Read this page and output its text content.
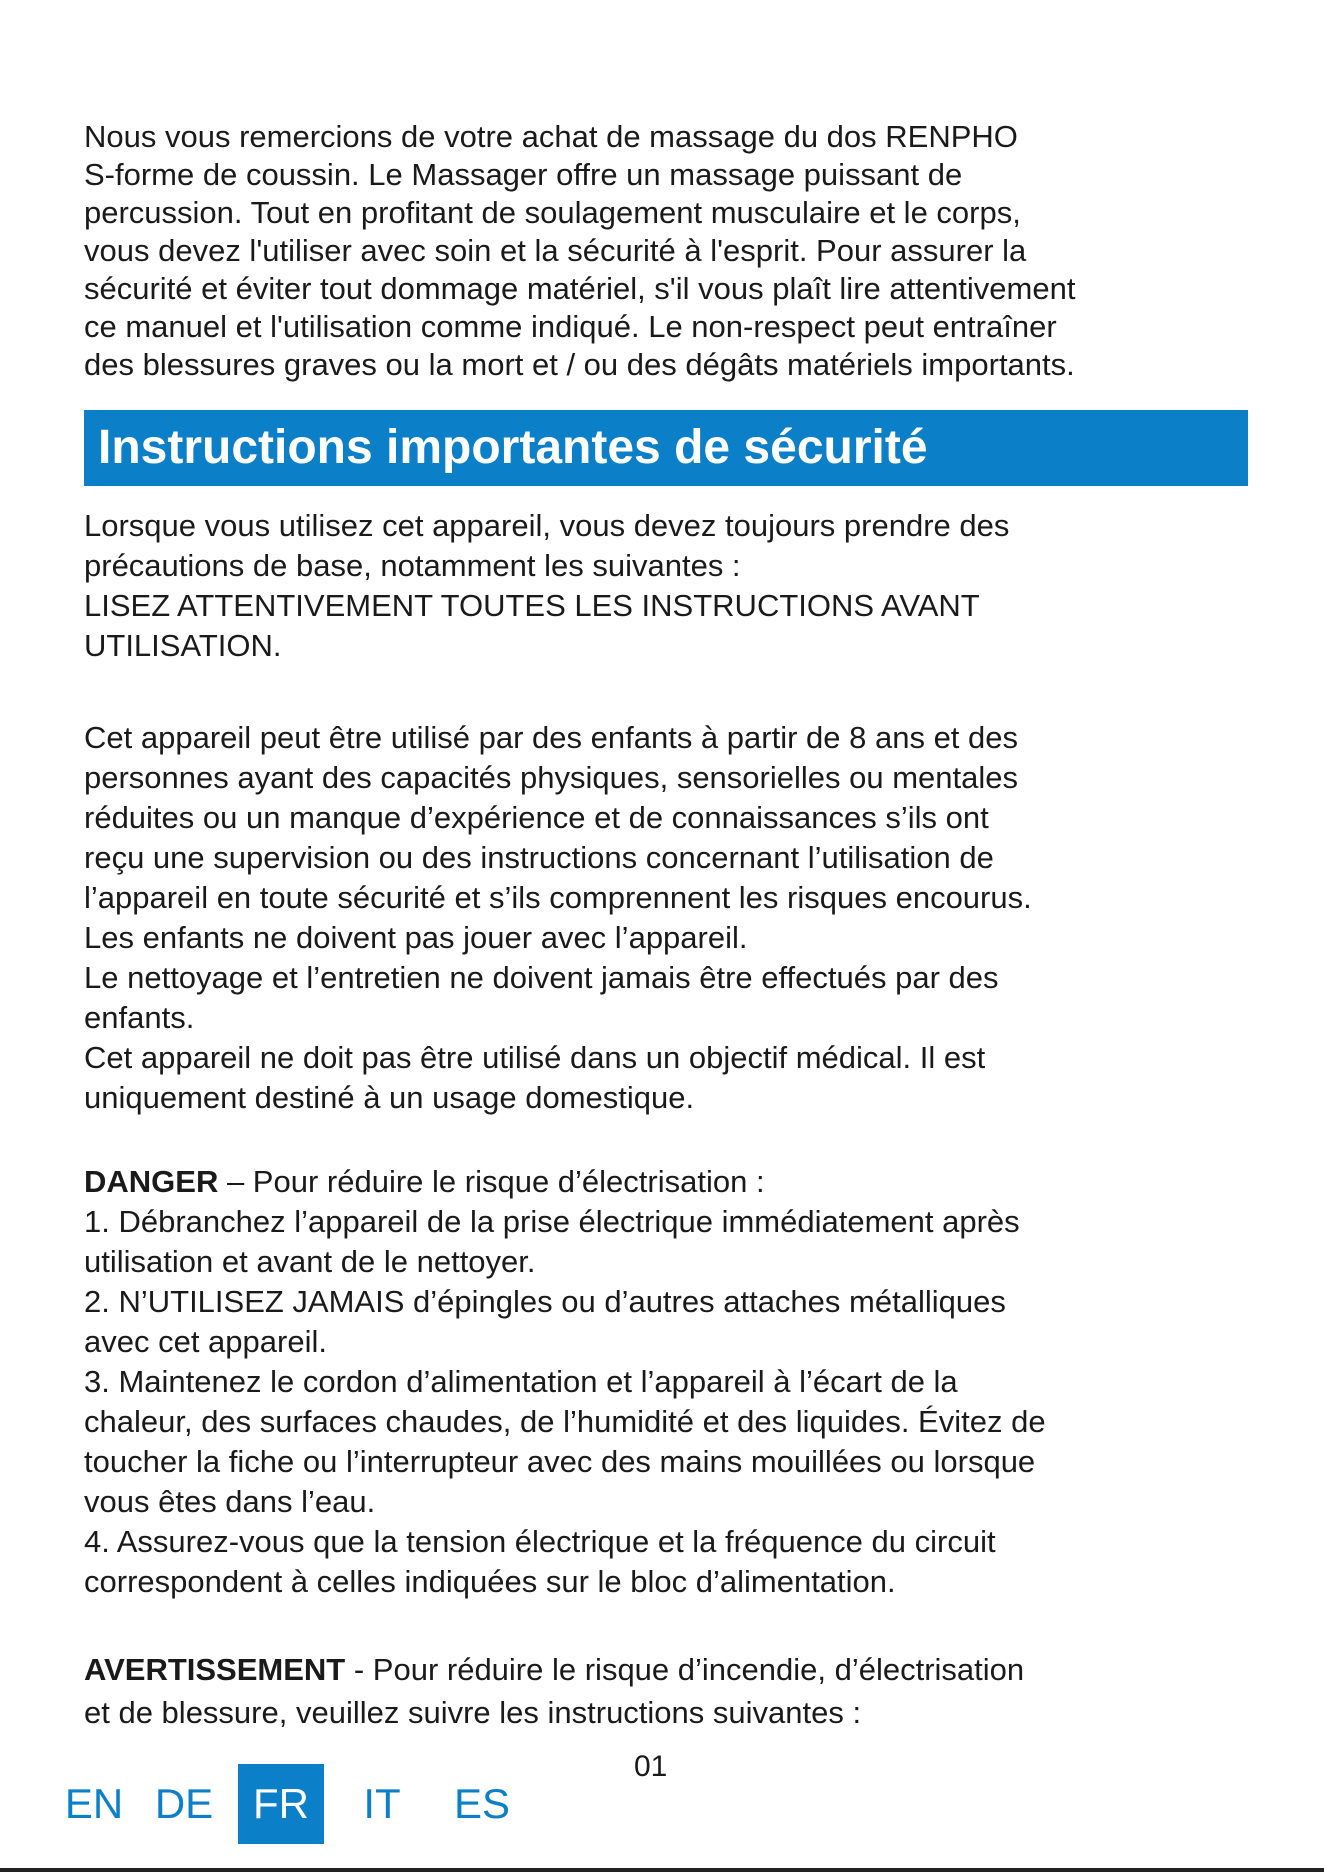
Nous vous remercions de votre achat de massage du dos RENPHO

S-forme de coussin. Le Massager offre un massage puissant de

percussion. Tout en profitant de soulagement musculaire et le corps,

vous devez l'utiliser avec soin et la sécurité à l'esprit. Pour assurer la

sécurité et éviter tout dommage matériel, s'il vous plaît lire attentivement

ce manuel et l'utilisation comme indiqué. Le non-respect peut entraîner

des blessures graves ou la mort et / ou des dégâts matériels importants.

Instructions importantes de sécurité

Lorsque vous utilisez cet appareil, vous devez toujours prendre des

précautions de base, notamment les suivantes :

LISEZ ATTENTIVEMENT TOUTES LES INSTRUCTIONS AVANT

UTILISATION.

Cet appareil peut être utilisé par des enfants à partir de 8 ans et des

personnes ayant des capacités physiques, sensorielles ou mentales

réduites ou un manque d’expérience et de connaissances s’ils ont

reçu une supervision ou des instructions concernant l’utilisation de

l’appareil en toute sécurité et s’ils comprennent les risques encourus.

Les enfants ne doivent pas jouer avec l’appareil.

Le nettoyage et l’entretien ne doivent jamais être effectués par des

enfants.

Cet appareil ne doit pas être utilisé dans un objectif médical. Il est

uniquement destiné à un usage domestique.

DANGER – Pour réduire le risque d’électrisation :

1. Débranchez l’appareil de la prise électrique immédiatement après

utilisation et avant de le nettoyer.

2. N’UTILISEZ JAMAIS d’épingles ou d’autres attaches métalliques

avec cet appareil.

3. Maintenez le cordon d’alimentation et l’appareil à l’écart de la

chaleur, des surfaces chaudes, de l’humidité et des liquides. Évitez de

toucher la fiche ou l’interrupteur avec des mains mouillées ou lorsque

vous êtes dans l’eau.

4. Assurez-vous que la tension électrique et la fréquence du circuit

correspondent à celles indiquées sur le bloc d’alimentation.

AVERTISSEMENT - Pour réduire le risque d’incendie, d’électrisation

et de blessure, veuillez suivre les instructions suivantes :

01
EN DE FR	IT	ES
